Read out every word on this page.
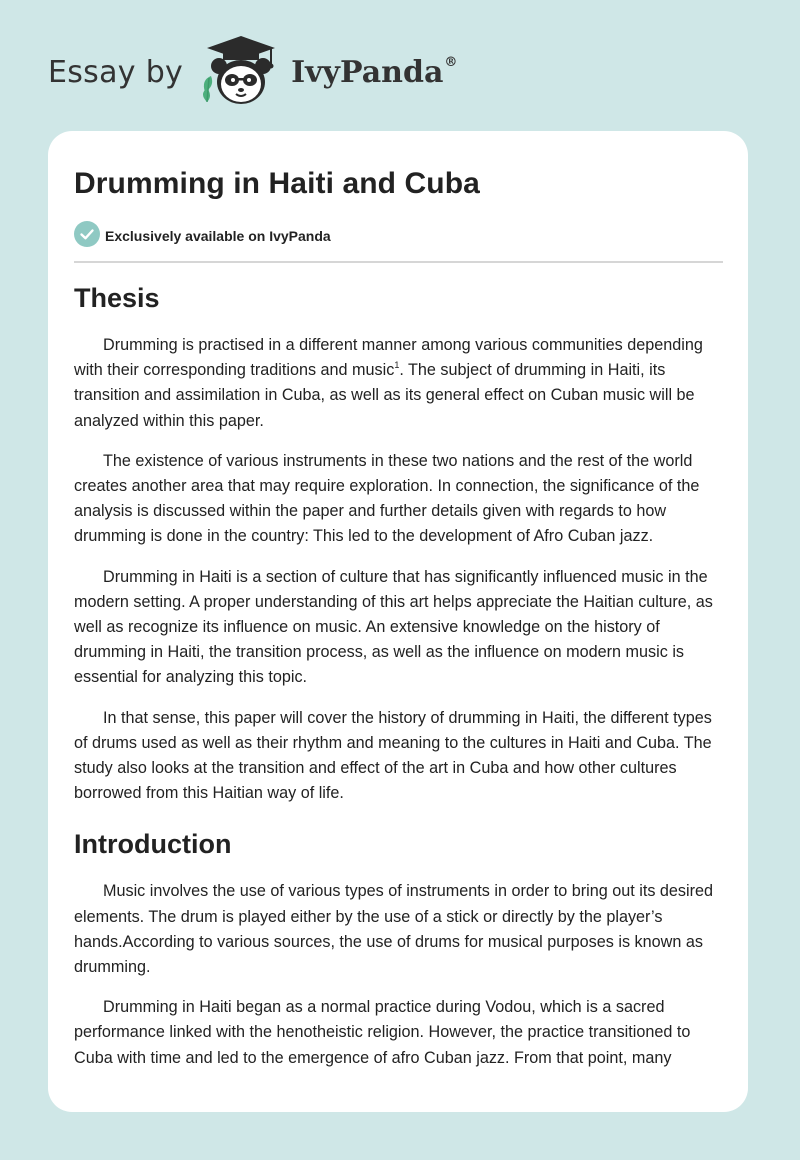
Essay by	IvyPanda®
Drumming in Haiti and Cuba
Exclusively available on IvyPanda
Thesis

Drumming is practised in a different manner among various communities depending with their corresponding traditions and music$^1$. The subject of drumming in Haiti, its transition and assimilation in Cuba, as well as its general effect on Cuban music will be analyzed within this paper.

The existence of various instruments in these two nations and the rest of the world creates another area that may require exploration. In connection, the significance of the analysis is discussed within the paper and further details given with regards to how drumming is done in the country: This led to the development of Afro Cuban jazz.

Drumming in Haiti is a section of culture that has significantly influenced music in the modern setting. A proper understanding of this art helps appreciate the Haitian culture, as well as recognize its influence on music. An extensive knowledge on the history of drumming in Haiti, the transition process, as well as the influence on modern music is essential for analyzing this topic.

In that sense, this paper will cover the history of drumming in Haiti, the different types of drums used as well as their rhythm and meaning to the cultures in Haiti and Cuba. The study also looks at the transition and effect of the art in Cuba and how other cultures borrowed from this Haitian way of life.

Introduction

Music involves the use of various types of instruments in order to bring out its desired elements. The drum is played either by the use of a stick or directly by the player’s hands.According to various sources, the use of drums for musical purposes is known as drumming.

Drumming in Haiti began as a normal practice during Vodou, which is a sacred performance linked with the henotheistic religion. However, the practice transitioned to Cuba with time and led to the emergence of afro Cuban jazz. From that point, many
